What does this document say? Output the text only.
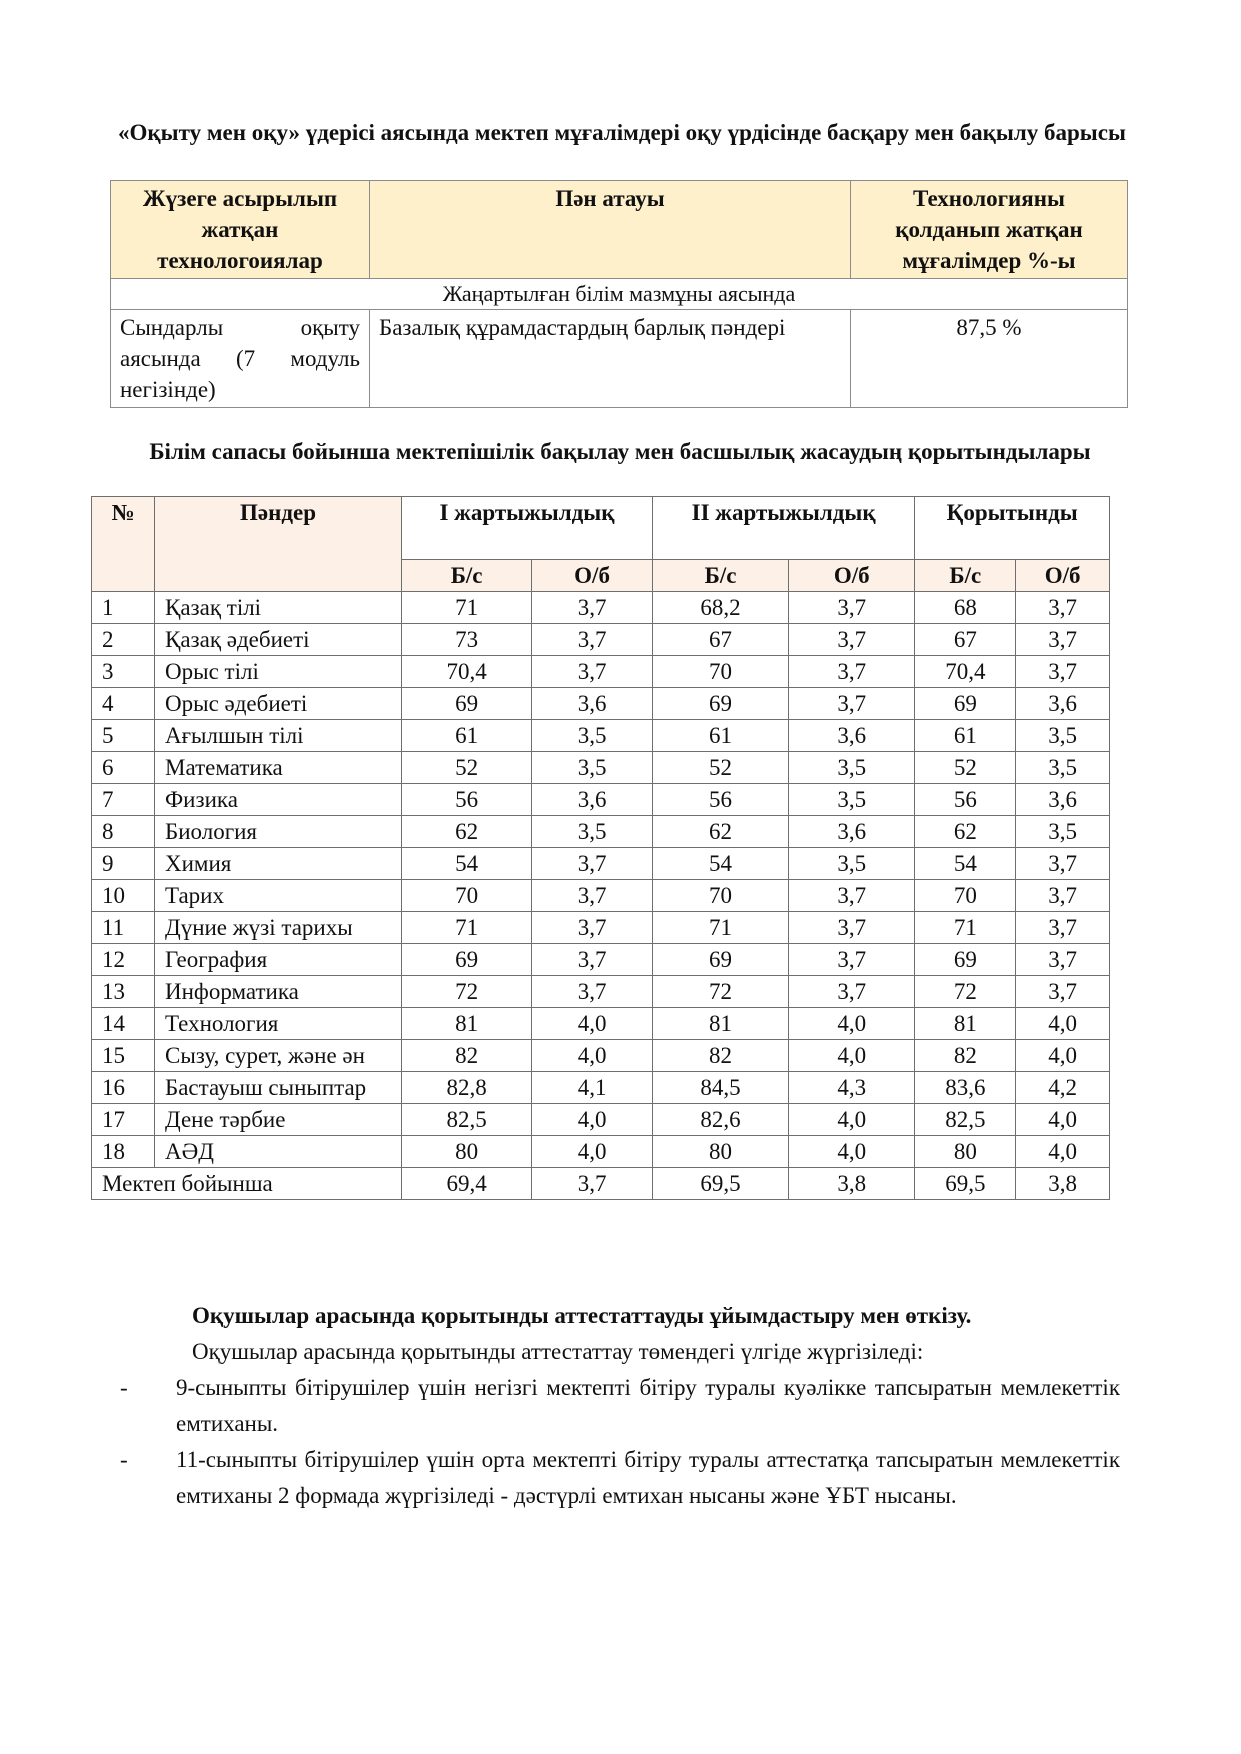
«Оқыту мен оқу» үдерісі аясында мектеп мұғалімдері оқу үрдісінде басқару мен бақылу барысы
Жүзеге асырылып жатқан технологоиялар	Пән атауы	Технологияны қолданып жатқан мұғалімдер %-ы
Жаңартылған білім мазмұны аясында		
Сындарлы оқыту аясында (7 модуль негізінде)	Базалық құрамдастардың барлық пәндері	87,5 %
Білім сапасы бойынша мектепішілік бақылау мен басшылық жасаудың қорытындылары
№	Пәндер	І жартыжылдық		ІІ жартыжылдық		Қорытынды	
		Б/с	О/б	Б/с	О/б	Б/с	О/б
1	Қазақ тілі	71	3,7	68,2	3,7	68	3,7
2	Қазақ әдебиеті	73	3,7	67	3,7	67	3,7
3	Орыс тілі	70,4	3,7	70	3,7	70,4	3,7
4	Орыс әдебиеті	69	3,6	69	3,7	69	3,6
5	Ағылшын тілі	61	3,5	61	3,6	61	3,5
6	Математика	52	3,5	52	3,5	52	3,5
7	Физика	56	3,6	56	3,5	56	3,6
8	Биология	62	3,5	62	3,6	62	3,5
9	Химия	54	3,7	54	3,5	54	3,7
10	Тарих	70	3,7	70	3,7	70	3,7
11	Дүние жүзі тарихы	71	3,7	71	3,7	71	3,7
12	География	69	3,7	69	3,7	69	3,7
13	Информатика	72	3,7	72	3,7	72	3,7
14	Технология	81	4,0	81	4,0	81	4,0
15	Сызу, сурет, және ән	82	4,0	82	4,0	82	4,0
16	Бастауыш сыныптар	82,8	4,1	84,5	4,3	83,6	4,2
17	Дене тәрбие	82,5	4,0	82,6	4,0	82,5	4,0
18	АӘД	80	4,0	80	4,0	80	4,0
Мектеп бойынша		69,4	3,7	69,5	3,8	69,5	3,8
Оқушылар арасында қорытынды аттестаттауды ұйымдастыру мен өткізу.
Оқушылар арасында қорытынды аттестаттау төмендегі үлгіде жүргізіледі:
-	9-сыныпты бітірушілер үшін негізгі мектепті бітіру туралы куәлікке тапсыратын мемлекеттік емтиханы.
-	11-сыныпты бітірушілер үшін орта мектепті бітіру туралы аттестатқа тапсыратын мемлекеттік емтиханы 2 формада жүргізіледі - дәстүрлі емтихан нысаны және ҰБТ нысаны.
